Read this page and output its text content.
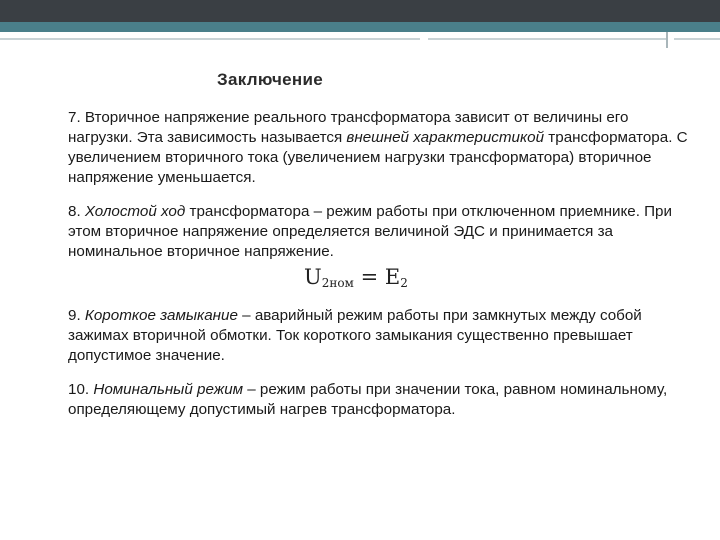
Заключение

7. Вторичное напряжение реального трансформатора зависит от величины его нагрузки. Эта зависимость называется внешней характеристикой трансформатора. С увеличением вторичного тока (увеличением нагрузки трансформатора) вторичное напряжение уменьшается.

8. Холостой ход трансформатора – режим работы при отключенном приемнике. При этом вторичное напряжение определяется величиной ЭДС и принимается за номинальное вторичное напряжение.

$U_{2ном} = E_2$

9. Короткое замыкание – аварийный режим работы при замкнутых между собой зажимах вторичной обмотки. Ток короткого замыкания существенно превышает допустимое значение.

10. Номинальный режим – режим работы при значении тока, равном номинальному, определяющему допустимый нагрев трансформатора.
